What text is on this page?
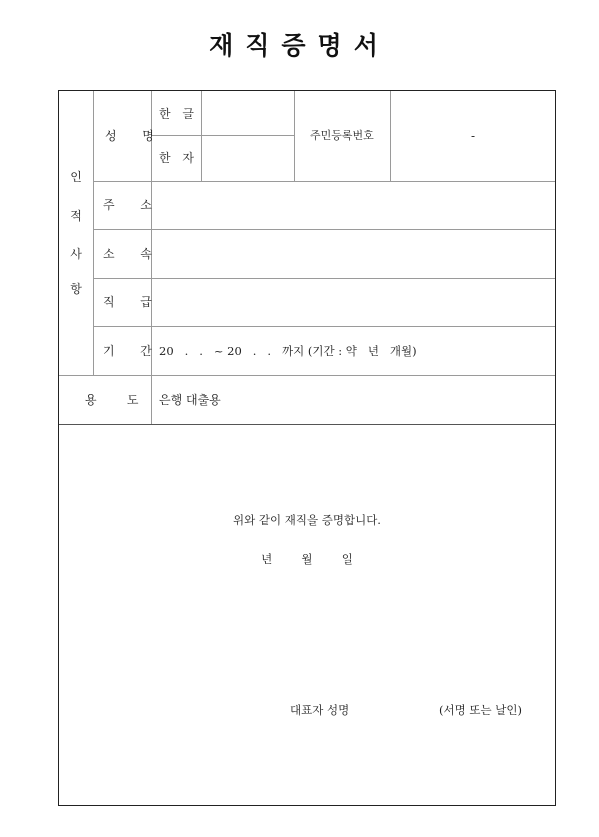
재직증명서
인
적
사
항
성  명
한 글
한 자
주민등록번호	-
주  소
소  속
직  급
기  간 20   .   .   ~ 20   .   .   까지 (기간 : 약   년   개월)
용    도 은행 대출용
위와 같이 재직을 증명합니다.
년        월        일
대표자 성명	(서명 또는 날인)
